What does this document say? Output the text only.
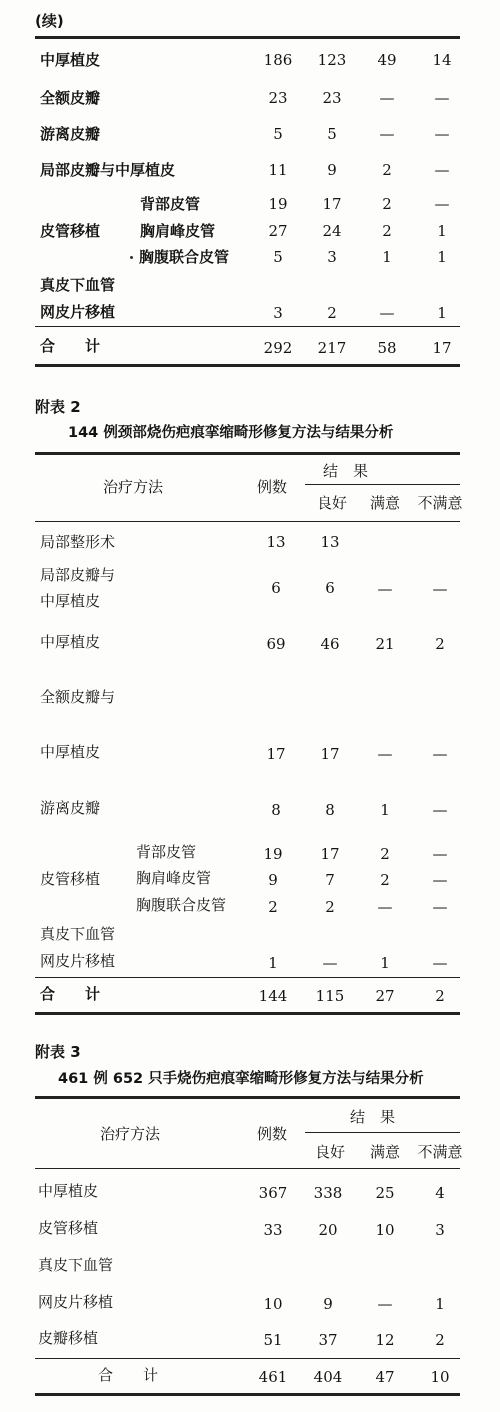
(续)
中厚植皮	186	123	49	14
全额皮瓣	23	23	—	—
游离皮瓣	5	5	—	—
局部皮瓣与中厚植皮	11	9	2	—
皮管移植
背部皮管	19	17	2	—
胸肩峰皮管	27	24	2	1
胸腹联合皮管	5	3	1	1
真皮下血管
网皮片移植	3	2	—	1
合　　计	292	217	58	17
附表 2
144 例颈部烧伤疤痕挛缩畸形修复方法与结果分析
治疗方法	例数
结　果
良好	满意	不满意
局部整形术	13	13
局部皮瓣与
中厚植皮
6	6	—	—
中厚植皮	69	46	21	2
全额皮瓣与
中厚植皮	17	17	—	—
游离皮瓣	8	8	1	—
皮管移植
背部皮管	19	17	2	—
胸肩峰皮管	9	7	2	—
胸腹联合皮管	2	2	—	—
真皮下血管
网皮片移植	1	—	1	—
合　　计	144	115	27	2
附表 3
461 例 652 只手烧伤疤痕挛缩畸形修复方法与结果分析
治疗方法	例数
结　果
良好	满意	不满意
中厚植皮	367	338	25	4
皮管移植	33	20	10	3
真皮下血管
网皮片移植	10	9	—	1
皮瓣移植	51	37	12	2
合　　计	461	404	47	10
